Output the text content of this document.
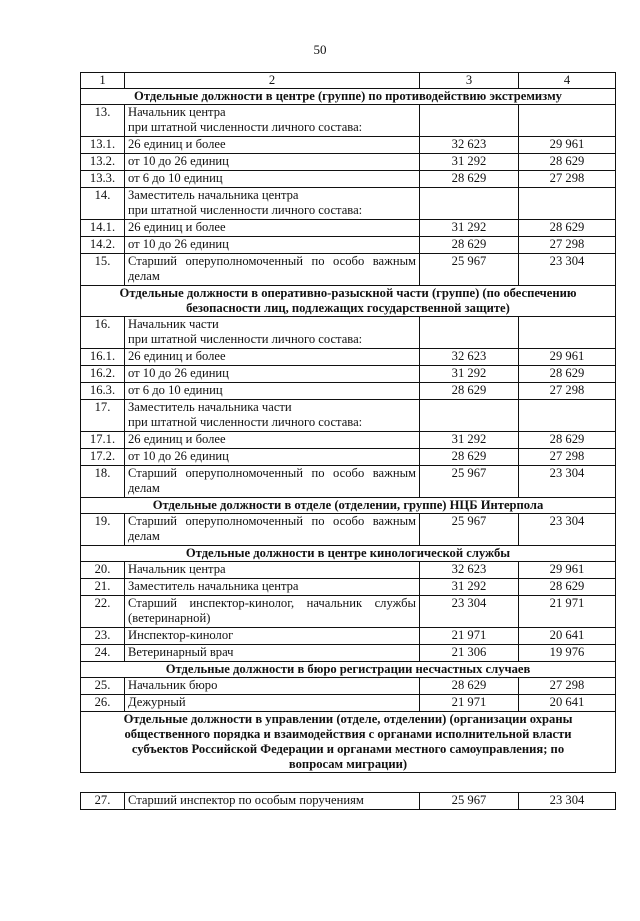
50
1	2	3	4

Отдельные должности в центре (группе) по противодействию экстремизму			

13.	Начальник центра
при штатной численности личного состава:		

13.1.	26 единиц и более	32 623	29 961
13.2.	от 10 до 26 единиц	31 292	28 629
13.3.	от 6 до 10 единиц	28 629	27 298
14.	Заместитель начальника центра
при штатной численности личного состава:		

14.1.	26 единиц и более	31 292	28 629
14.2.	от 10 до 26 единиц	28 629	27 298
15.	Старший оперуполномоченный по особо важным делам	25 967	23 304

Отдельные должности в оперативно-разыскной части (группе) (по обеспечению
безопасности лиц, подлежащих государственной защите)			

16.	Начальник части
при штатной численности личного состава:		

16.1.	26 единиц и более	32 623	29 961
16.2.	от 10 до 26 единиц	31 292	28 629
16.3.	от 6 до 10 единиц	28 629	27 298
17.	Заместитель начальника части
при штатной численности личного состава:		

17.1.	26 единиц и более	31 292	28 629
17.2.	от 10 до 26 единиц	28 629	27 298
18.	Старший оперуполномоченный по особо важным делам	25 967	23 304

Отдельные должности в отделе (отделении, группе) НЦБ Интерпола			

19.	Старший оперуполномоченный по особо важным делам	25 967	23 304

Отдельные должности в центре кинологической службы			

20.	Начальник центра	32 623	29 961
21.	Заместитель начальника центра	31 292	28 629
22.	Старший инспектор-кинолог, начальник службы (ветеринарной)	23 304	21 971
23.	Инспектор-кинолог	21 971	20 641
24.	Ветеринарный врач	21 306	19 976

Отдельные должности в бюро регистрации несчастных случаев			

25.	Начальник бюро	28 629	27 298
26.	Дежурный	21 971	20 641

Отдельные должности в управлении (отделе, отделении) (организации охраны
общественного порядка и взаимодействия с органами исполнительной власти
субъектов Российской Федерации и органами местного самоуправления; по
вопросам миграции)			

27.	Старший инспектор по особым поручениям	25 967	23 304
